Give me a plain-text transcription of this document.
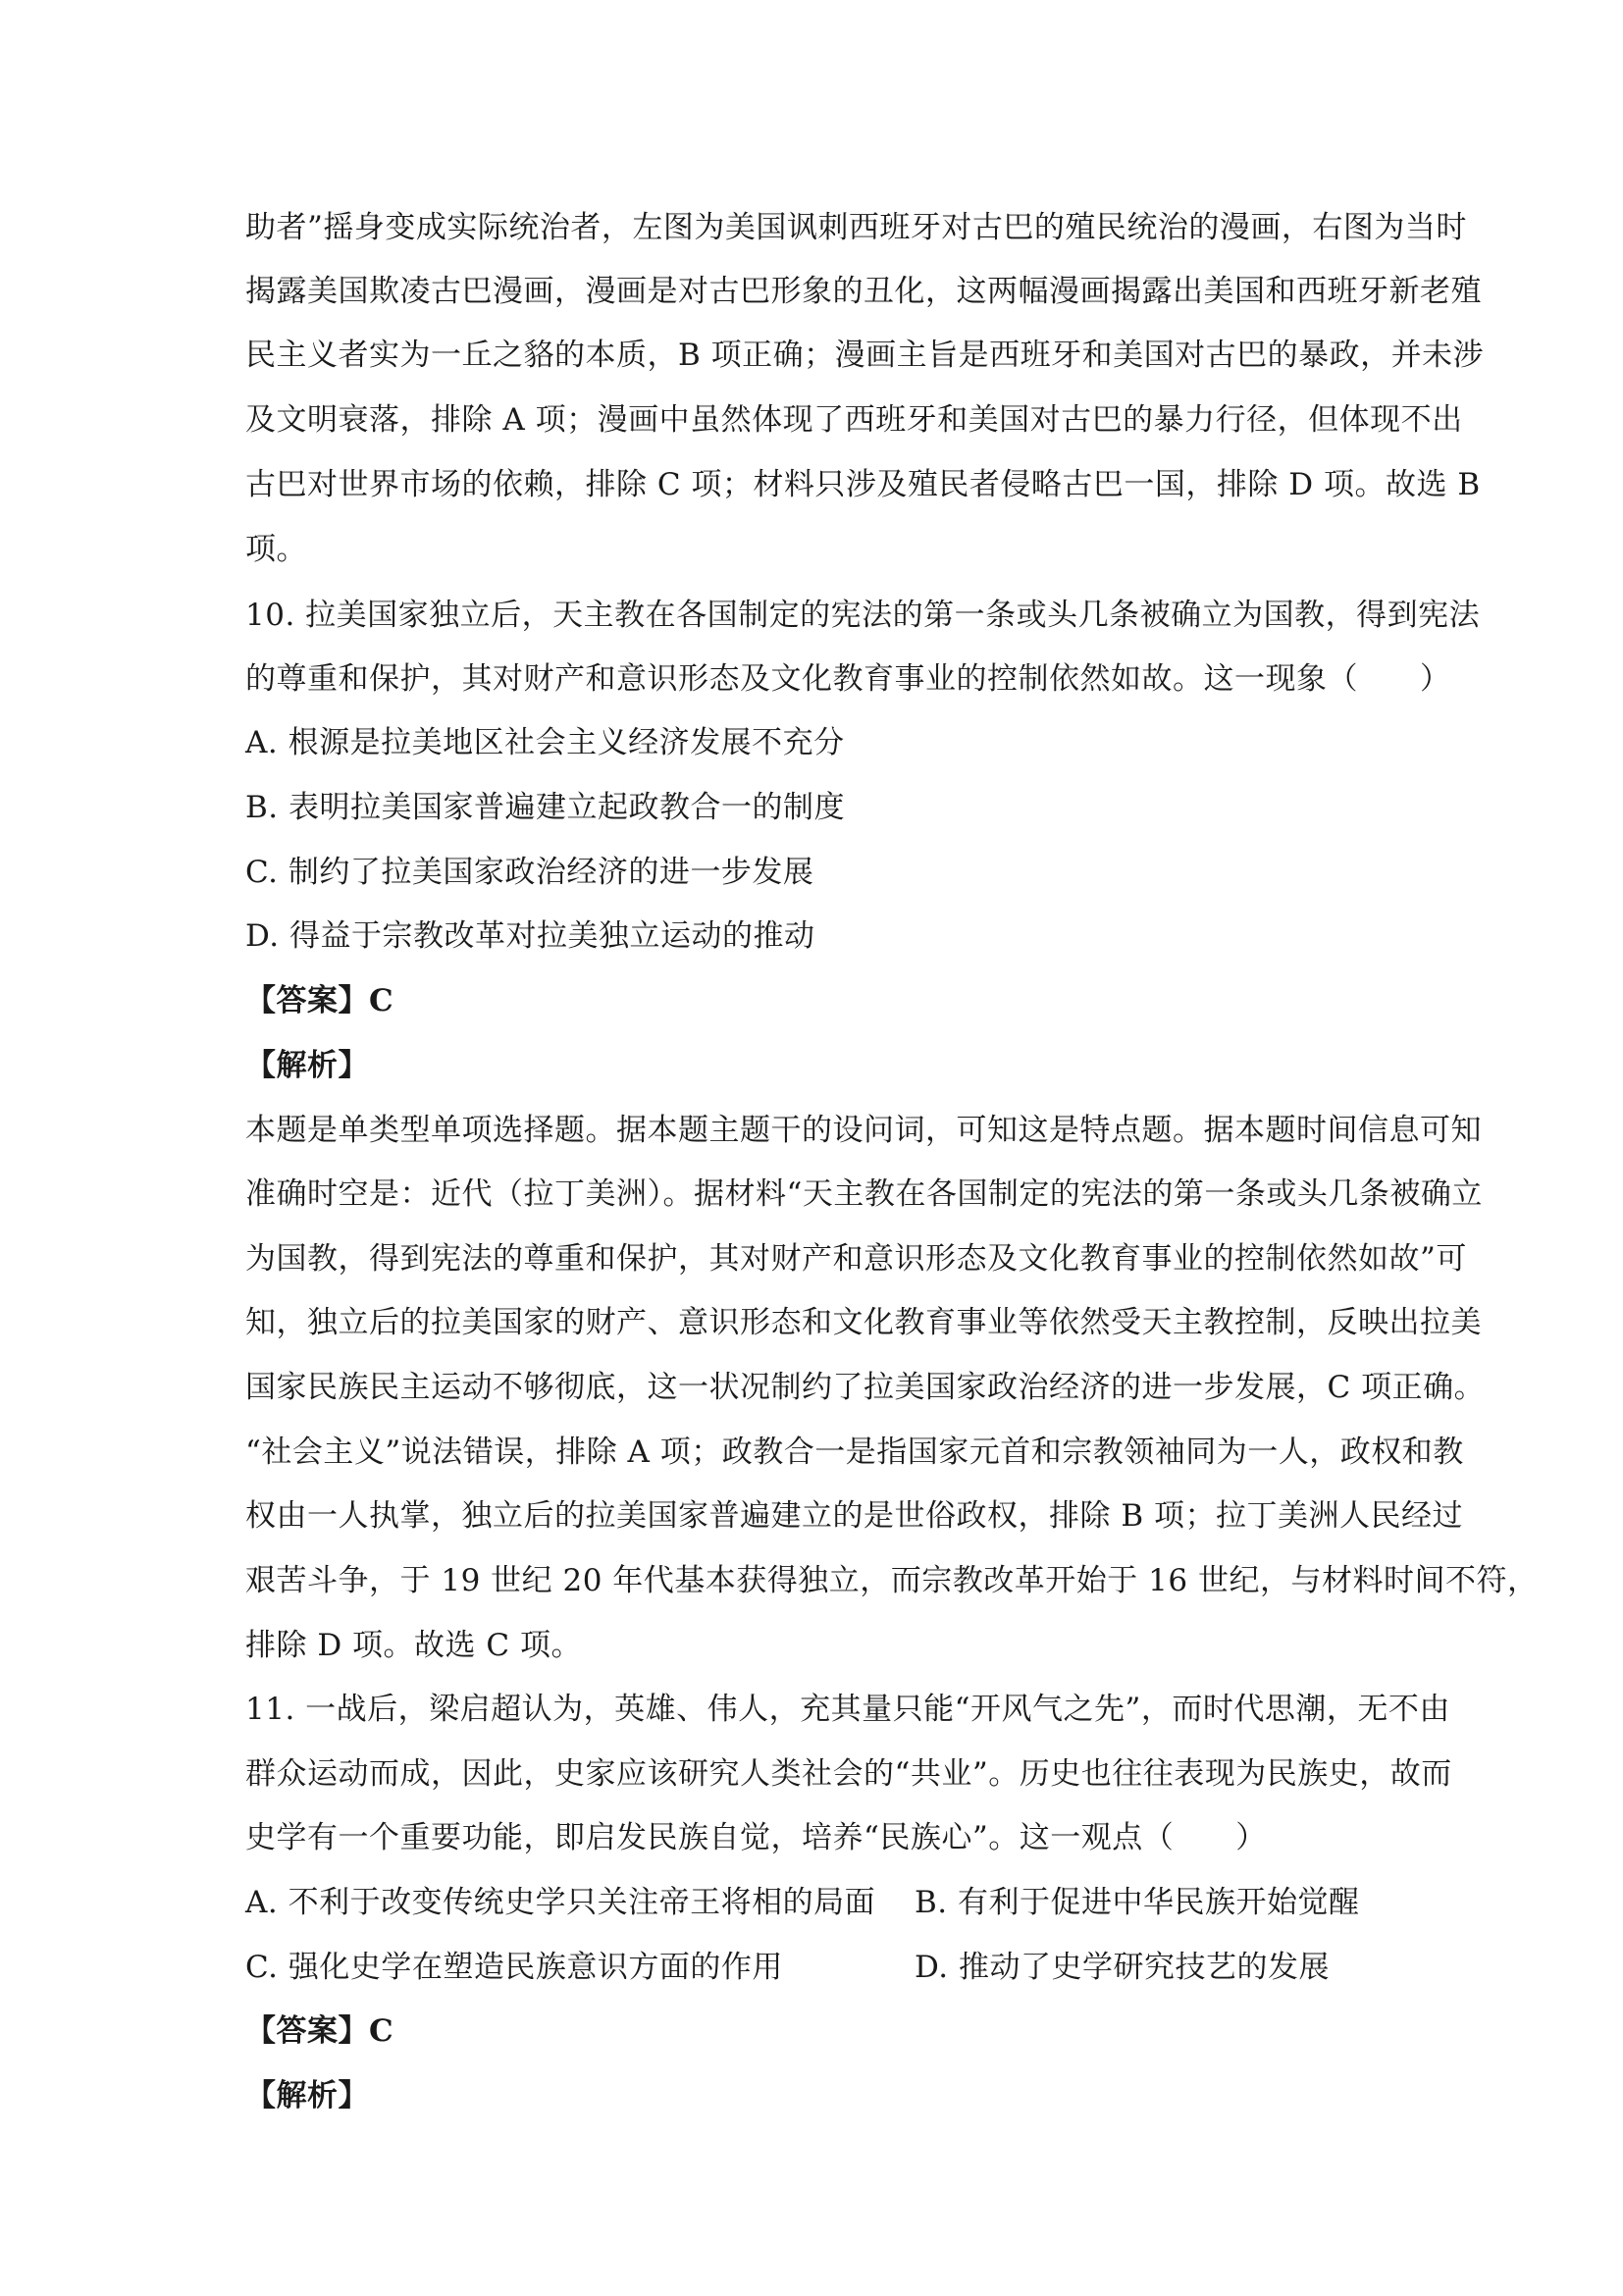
助者”摇身变成实际统治者，左图为美国讽刺西班牙对古巴的殖民统治的漫画，右图为当时
揭露美国欺凌古巴漫画，漫画是对古巴形象的丑化，这两幅漫画揭露出美国和西班牙新老殖
民主义者实为一丘之貉的本质，B 项正确；漫画主旨是西班牙和美国对古巴的暴政，并未涉
及文明衰落，排除 A 项；漫画中虽然体现了西班牙和美国对古巴的暴力行径，但体现不出
古巴对世界市场的依赖，排除 C 项；材料只涉及殖民者侵略古巴一国，排除 D 项。故选 B
项。
10. 拉美国家独立后，天主教在各国制定的宪法的第一条或头几条被确立为国教，得到宪法
的尊重和保护，其对财产和意识形态及文化教育事业的控制依然如故。这一现象（　　）
A. 根源是拉美地区社会主义经济发展不充分
B. 表明拉美国家普遍建立起政教合一的制度
C. 制约了拉美国家政治经济的进一步发展
D. 得益于宗教改革对拉美独立运动的推动
【答案】C
【解析】
本题是单类型单项选择题。据本题主题干的设问词，可知这是特点题。据本题时间信息可知
准确时空是：近代（拉丁美洲）。据材料“天主教在各国制定的宪法的第一条或头几条被确立
为国教，得到宪法的尊重和保护，其对财产和意识形态及文化教育事业的控制依然如故”可
知，独立后的拉美国家的财产、意识形态和文化教育事业等依然受天主教控制，反映出拉美
国家民族民主运动不够彻底，这一状况制约了拉美国家政治经济的进一步发展，C 项正确。
“社会主义”说法错误，排除 A 项；政教合一是指国家元首和宗教领袖同为一人，政权和教
权由一人执掌，独立后的拉美国家普遍建立的是世俗政权，排除 B 项；拉丁美洲人民经过
艰苦斗争，于 19 世纪 20 年代基本获得独立，而宗教改革开始于 16 世纪，与材料时间不符，
排除 D 项。故选 C 项。
11. 一战后，梁启超认为，英雄、伟人，充其量只能“开风气之先”，而时代思潮，无不由
群众运动而成，因此，史家应该研究人类社会的“共业”。历史也往往表现为民族史，故而
史学有一个重要功能，即启发民族自觉，培养“民族心”。这一观点（　　）
A. 不利于改变传统史学只关注帝王将相的局面 B. 有利于促进中华民族开始觉醒
C. 强化史学在塑造民族意识方面的作用	D. 推动了史学研究技艺的发展
【答案】C
【解析】
